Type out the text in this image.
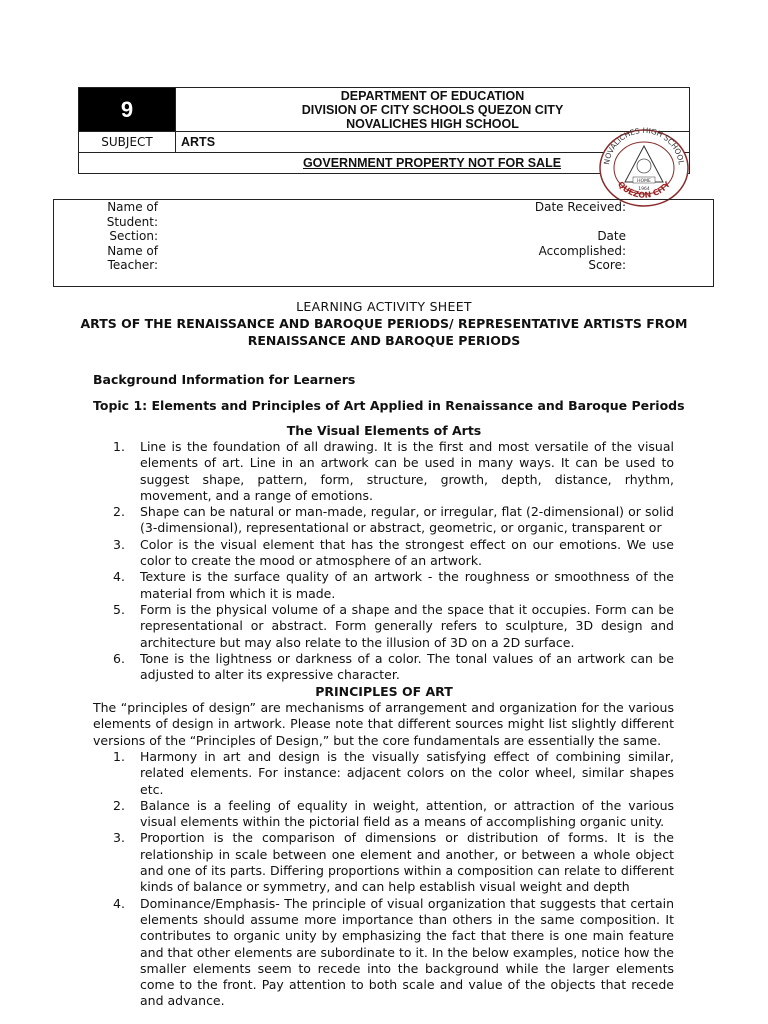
9
DEPARTMENT OF EDUCATION
DIVISION OF CITY SCHOOLS QUEZON CITY
NOVALICHES HIGH SCHOOL
SUBJECT	ARTS
GOVERNMENT PROPERTY NOT FOR SALE	NOVALICHES HIGH SCHOOL
QUEZON CITY
HOME
1964
Name of
Student:
Section:
Name of
Teacher:
Date Received:
Date
Accomplished:
Score:
LEARNING ACTIVITY SHEET
ARTS OF THE RENAISSANCE AND BAROQUE PERIODS/ REPRESENTATIVE ARTISTS FROM
RENAISSANCE AND BAROQUE PERIODS
Background Information for Learners
Topic 1: Elements and Principles of Art Applied in Renaissance and Baroque Periods
The Visual Elements of Arts
1. Line is the foundation of all drawing. It is the first and most versatile of the visual elements of art. Line in an artwork can be used in many ways. It can be used to suggest shape, pattern, form, structure, growth, depth, distance, rhythm, movement, and a range of emotions.
2. Shape can be natural or man-made, regular, or irregular, flat (2-dimensional) or solid (3-dimensional), representational or abstract, geometric, or organic, transparent or
3. Color is the visual element that has the strongest effect on our emotions. We use color to create the mood or atmosphere of an artwork.
4. Texture is the surface quality of an artwork - the roughness or smoothness of the material from which it is made.
5. Form is the physical volume of a shape and the space that it occupies. Form can be representational or abstract. Form generally refers to sculpture, 3D design and architecture but may also relate to the illusion of 3D on a 2D surface.
6. Tone is the lightness or darkness of a color. The tonal values of an artwork can be adjusted to alter its expressive character.
PRINCIPLES OF ART

The “principles of design” are mechanisms of arrangement and organization for the various elements of design in artwork. Please note that different sources might list slightly different versions of the “Principles of Design,” but the core fundamentals are essentially the same.

1. Harmony in art and design is the visually satisfying effect of combining similar, related elements. For instance: adjacent colors on the color wheel, similar shapes etc.
2. Balance is a feeling of equality in weight, attention, or attraction of the various visual elements within the pictorial field as a means of accomplishing organic unity.
3. Proportion is the comparison of dimensions or distribution of forms. It is the relationship in scale between one element and another, or between a whole object and one of its parts. Differing proportions within a composition can relate to different kinds of balance or symmetry, and can help establish visual weight and depth
4. Dominance/Emphasis- The principle of visual organization that suggests that certain elements should assume more importance than others in the same composition. It contributes to organic unity by emphasizing the fact that there is one main feature and that other elements are subordinate to it. In the below examples, notice how the smaller elements seem to recede into the background while the larger elements come to the front. Pay attention to both scale and value of the objects that recede and advance.
